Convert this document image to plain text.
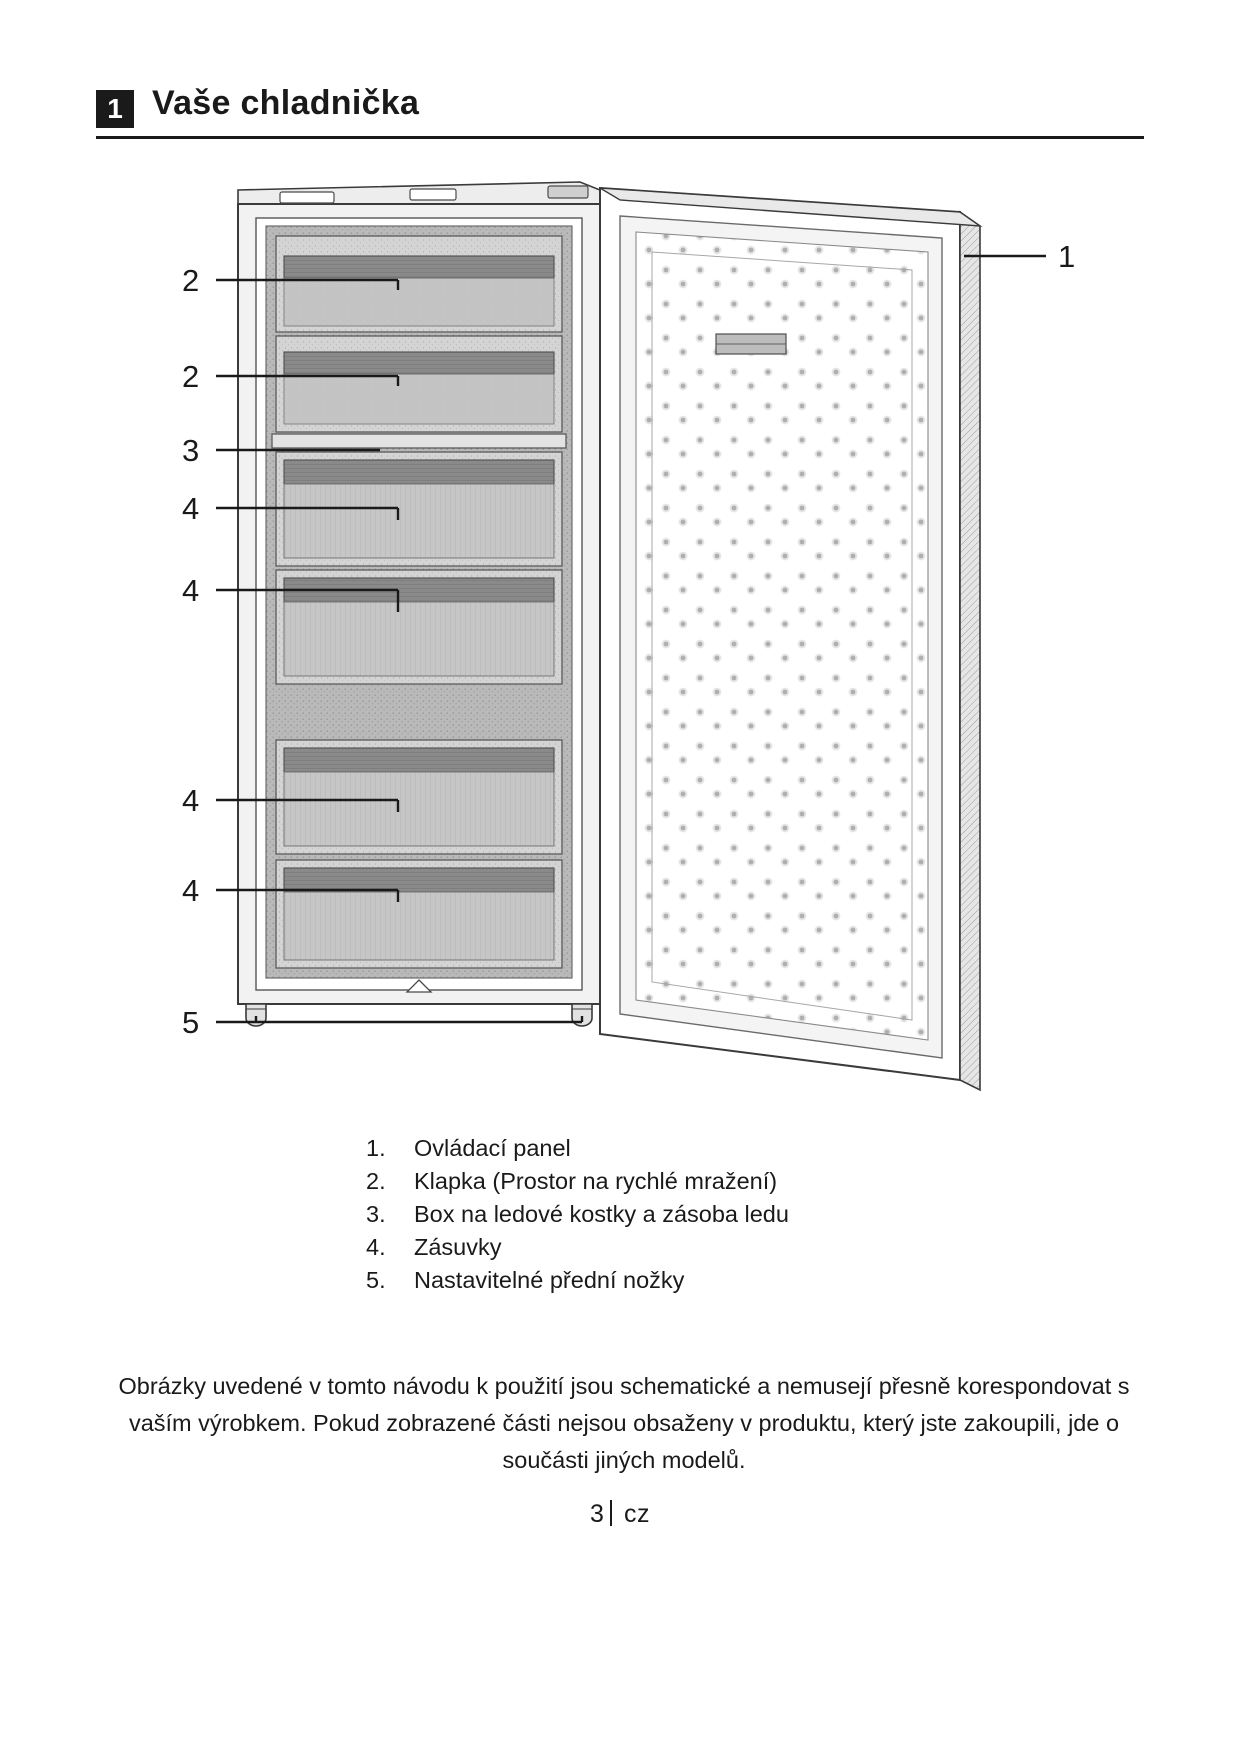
1 Vaše chladnička
1
2
2
3
4
4
4
4
5
1.	Ovládací panel
2.	Klapka (Prostor na rychlé mražení)
3.	Box na ledové kostky a zásoba ledu
4.	Zásuvky
5.	Nastavitelné přední nožky

Obrázky uvedené v tomto návodu k použití jsou schematické a nemusejí přesně korespondovat s vaším výrobkem. Pokud zobrazené části nejsou obsaženy v produktu, který jste zakoupili, jde o součásti jiných modelů.

3 cz
